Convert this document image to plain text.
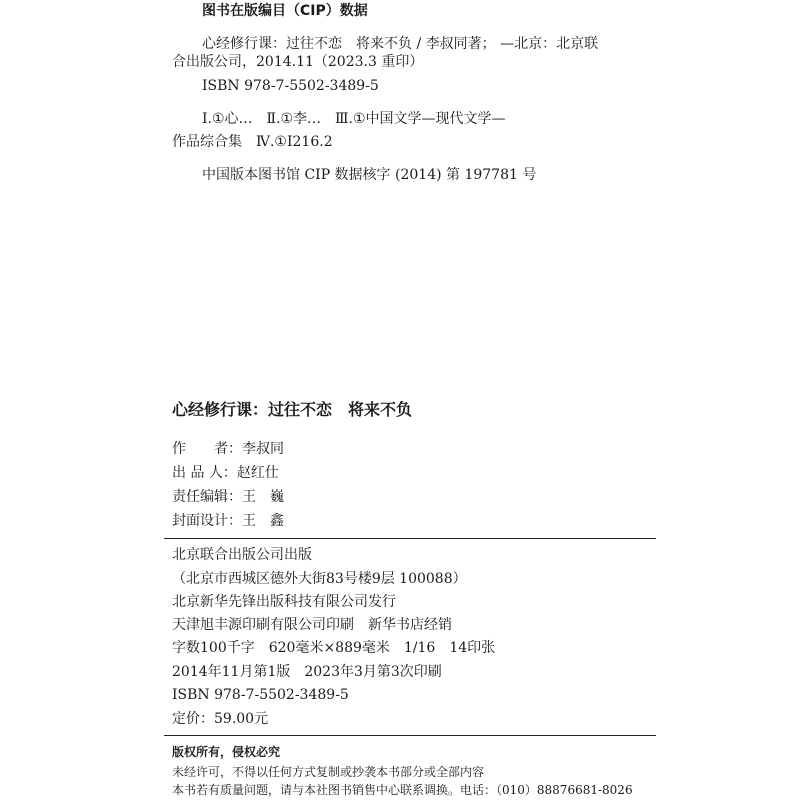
图书在版编目（CIP）数据
心经修行课：过往不恋　将来不负 / 李叔同著； —北京：北京联
合出版公司，2014.11（2023.3 重印）
ISBN 978-7-5502-3489-5
Ⅰ.①心…　Ⅱ.①李…　Ⅲ.①中国文学—现代文学—
作品综合集　Ⅳ.①I216.2
中国版本图书馆 CIP 数据核字 (2014) 第 197781 号
心经修行课：过往不恋　将来不负
作　　者：李叔同
出 品 人：赵红仕
责任编辑：王　巍
封面设计：王　鑫
北京联合出版公司出版
（北京市西城区德外大街83号楼9层 100088）
北京新华先锋出版科技有限公司发行
天津旭丰源印刷有限公司印刷　新华书店经销
字数100千字　620毫米×889毫米　1/16　14印张
2014年11月第1版　2023年3月第3次印刷
ISBN 978-7-5502-3489-5
定价：59.00元
版权所有，侵权必究
未经许可，不得以任何方式复制或抄袭本书部分或全部内容
本书若有质量问题，请与本社图书销售中心联系调换。电话：（010）88876681-8026
